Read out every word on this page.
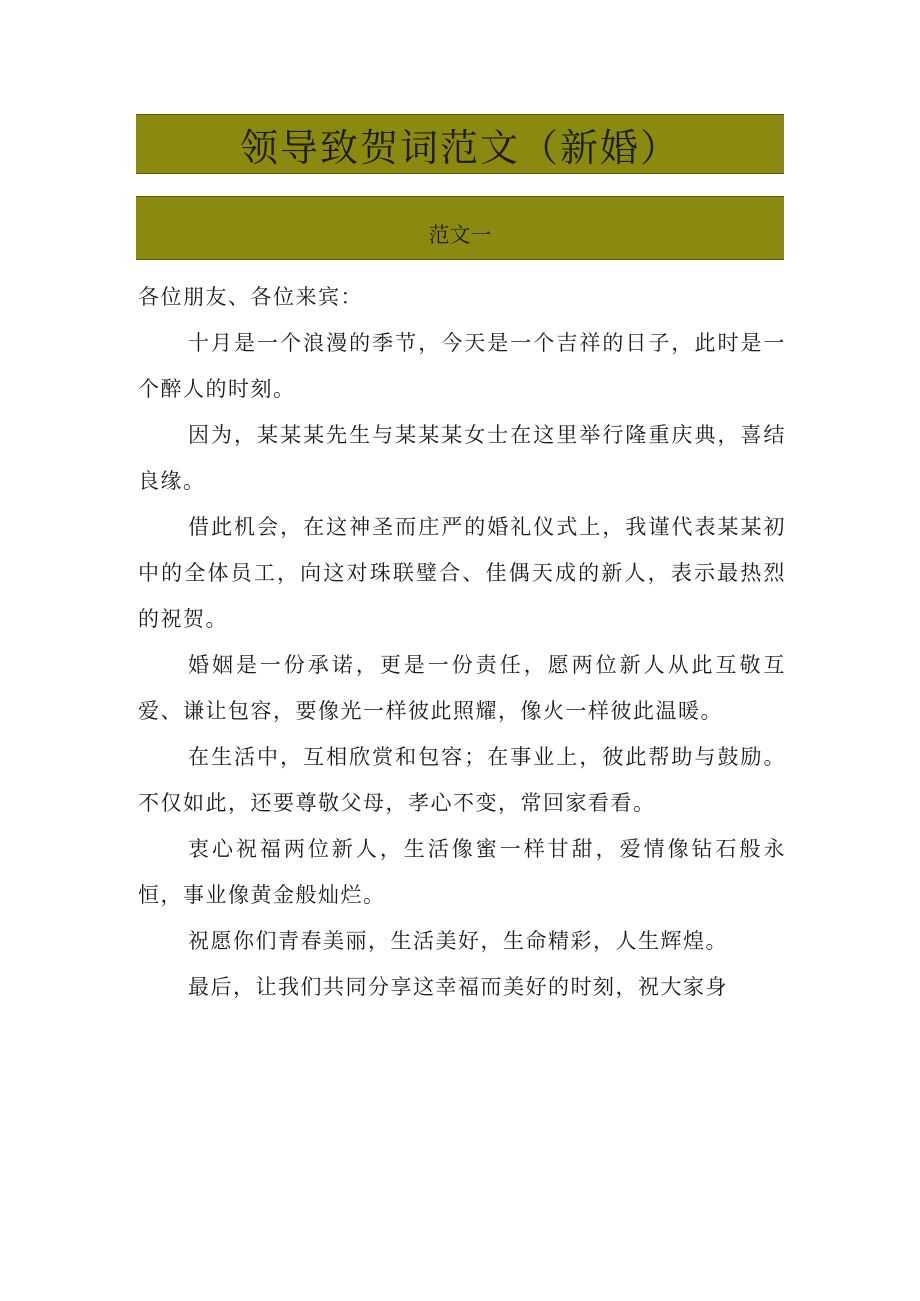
领导致贺词范文（新婚）
范文一

各位朋友、各位来宾：

十月是一个浪漫的季节，今天是一个吉祥的日子，此时是一个醉人的时刻。

因为，某某某先生与某某某女士在这里举行隆重庆典，喜结良缘。

借此机会，在这神圣而庄严的婚礼仪式上，我谨代表某某初中的全体员工，向这对珠联璧合、佳偶天成的新人，表示最热烈的祝贺。

婚姻是一份承诺，更是一份责任，愿两位新人从此互敬互爱、谦让包容，要像光一样彼此照耀，像火一样彼此温暖。

在生活中，互相欣赏和包容；在事业上，彼此帮助与鼓励。不仅如此，还要尊敬父母，孝心不变，常回家看看。

衷心祝福两位新人，生活像蜜一样甘甜，爱情像钻石般永恒，事业像黄金般灿烂。

祝愿你们青春美丽，生活美好，生命精彩，人生辉煌。

最后，让我们共同分享这幸福而美好的时刻，祝大家身
